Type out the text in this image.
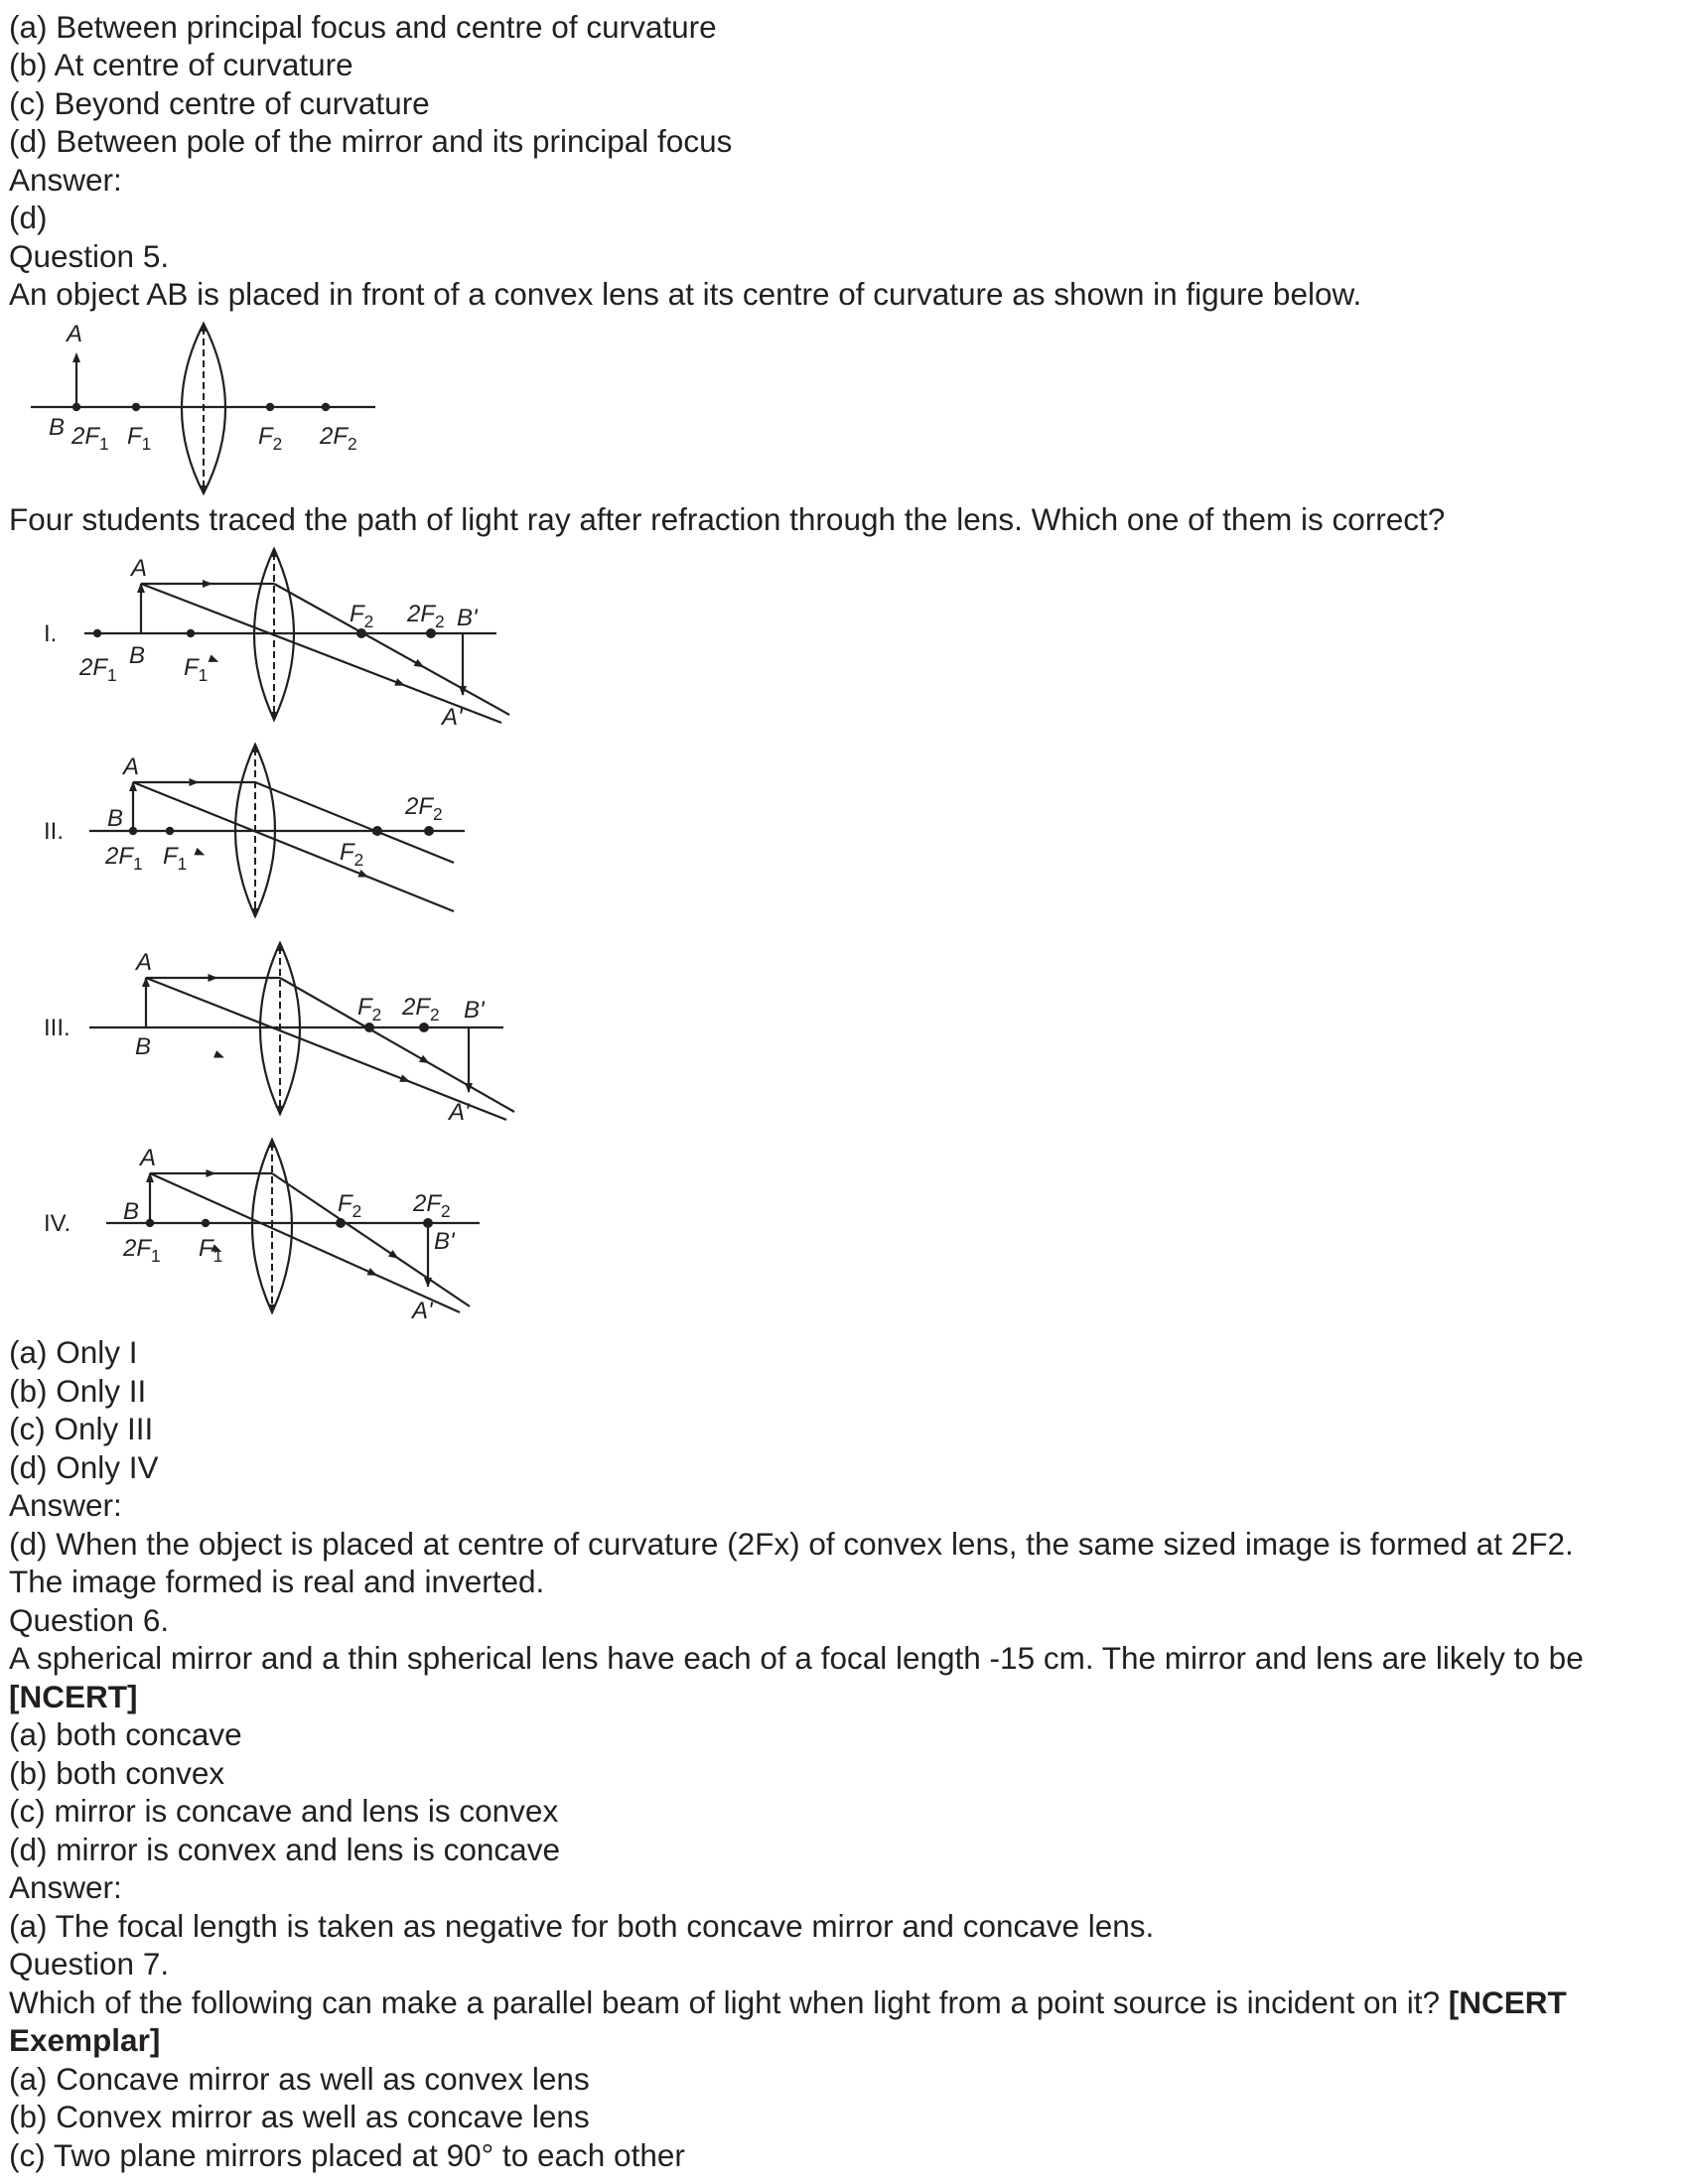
(a) Between principal focus and centre of curvature
(b) At centre of curvature
(c) Beyond centre of curvature
(d) Between pole of the mirror and its principal focus
Answer:
(d)
Question 5.
An object AB is placed in front of a convex lens at its centre of curvature as shown in figure below.
A
B $2F_1$ $F_1$	$F_2$ $2F_2$
Four students traced the path of light ray after refraction through the lens. Which one of them is correct?
I.
A
B
$2F_1$	$F_1$
$F_2$ $2F_2$ B'
A'
II.
A
B
$2F_1$ $F_1$	$F_2$
$2F_2$
III.
A
B
$F_2$ $2F_2$ B'
A'
IV.
A
B
$2F_1$ $F_1$
$F_2$ $2F_2$
B'
A'
(a) Only I
(b) Only II
(c) Only III
(d) Only IV
Answer:
(d) When the object is placed at centre of curvature (2Fx) of convex lens, the same sized image is formed at 2F2.
The image formed is real and inverted.
Question 6.
A spherical mirror and a thin spherical lens have each of a focal length -15 cm. The mirror and lens are likely to be
[NCERT]
(a) both concave
(b) both convex
(c) mirror is concave and lens is convex
(d) mirror is convex and lens is concave
Answer:
(a) The focal length is taken as negative for both concave mirror and concave lens.
Question 7.
Which of the following can make a parallel beam of light when light from a point source is incident on it? [NCERT
Exemplar]
(a) Concave mirror as well as convex lens
(b) Convex mirror as well as concave lens
(c) Two plane mirrors placed at 90° to each other
